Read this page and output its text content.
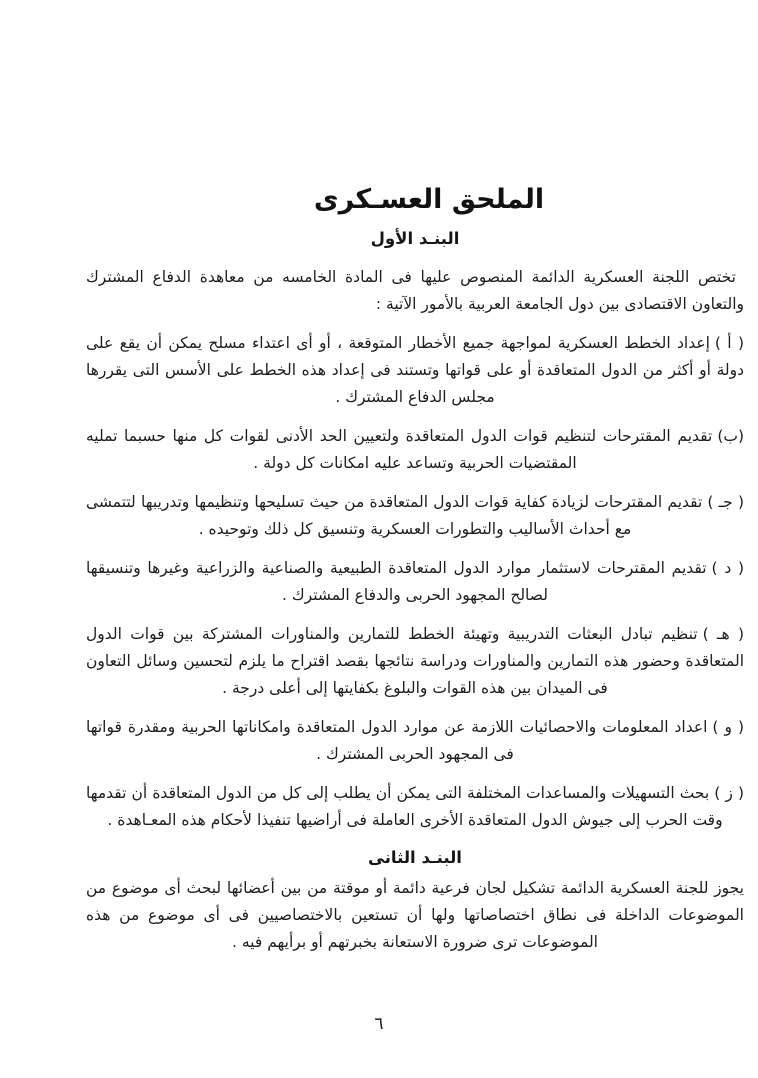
الملحق العسـكرى
البنـد الأول

تختص اللجنة العسكرية الدائمة المنصوص عليها فى المادة الخامسه من معاهدة الدفاع المشترك والتعاون الاقتصادى بين دول الجامعة العربية بالأمور الآتية :

( أ )إعداد الخطط العسكرية لمواجهة جميع الأخطار المتوقعة ، أو أى اعتداء مسلح يمكن أن يقع على دولة أو أكثر من الدول المتعاقدة أو على قواتها وتستند فى إعداد هذه الخطط على الأسس التى يقررها مجلس الدفاع المشترك .

(ب)تقديم المقترحات لتنظيم قوات الدول المتعاقدة ولتعيين الحد الأدنى لقوات كل منها حسبما تمليه المقتضيات الحربية وتساعد عليه امكانات كل دولة .

( جـ )تقديم المقترحات لزيادة كفاية قوات الدول المتعاقدة من حيث تسليحها وتنظيمها وتدريبها لتتمشى مع أحداث الأساليب والتطورات العسكرية وتنسيق كل ذلك وتوحيده .

( د )تقديم المقترحات لاستثمار موارد الدول المتعاقدة الطبيعية والصناعية والزراعية وغيرها وتنسيقها لصالح المجهود الحربى والدفاع المشترك .

( هـ )تنظيم تبادل البعثات التدريبية وتهيئة الخطط للتمارين والمناورات المشتركة بين قوات الدول المتعاقدة وحضور هذه التمارين والمناورات ودراسة نتائجها بقصد اقتراح ما يلزم لتحسين وسائل التعاون فى الميدان بين هذه القوات والبلوغ بكفايتها إلى أعلى درجة .

( و )اعداد المعلومات والاحصائيات اللازمة عن موارد الدول المتعاقدة وامكاناتها الحربية ومقدرة قواتها فى المجهود الحربى المشترك .

( ز )بحث التسهيلات والمساعدات المختلفة التى يمكن أن يطلب إلى كل من الدول المتعاقدة أن تقدمها وقت الحرب إلى جيوش الدول المتعاقدة الأخرى العاملة فى أراضيها تنفيذا لأحكام هذه المعـاهدة .

البنـد الثانى

يجوز للجنة العسكرية الدائمة تشكيل لجان فرعية دائمة أو موقتة من بين أعضائها لبحث أى موضوع من الموضوعات الداخلة فى نطاق اختصاصاتها ولها أن تستعين بالاختصاصيين فى أى موضوع من هذه الموضوعات ترى ضرورة الاستعانة بخبرتهم أو برأيهم فيه .

٦
